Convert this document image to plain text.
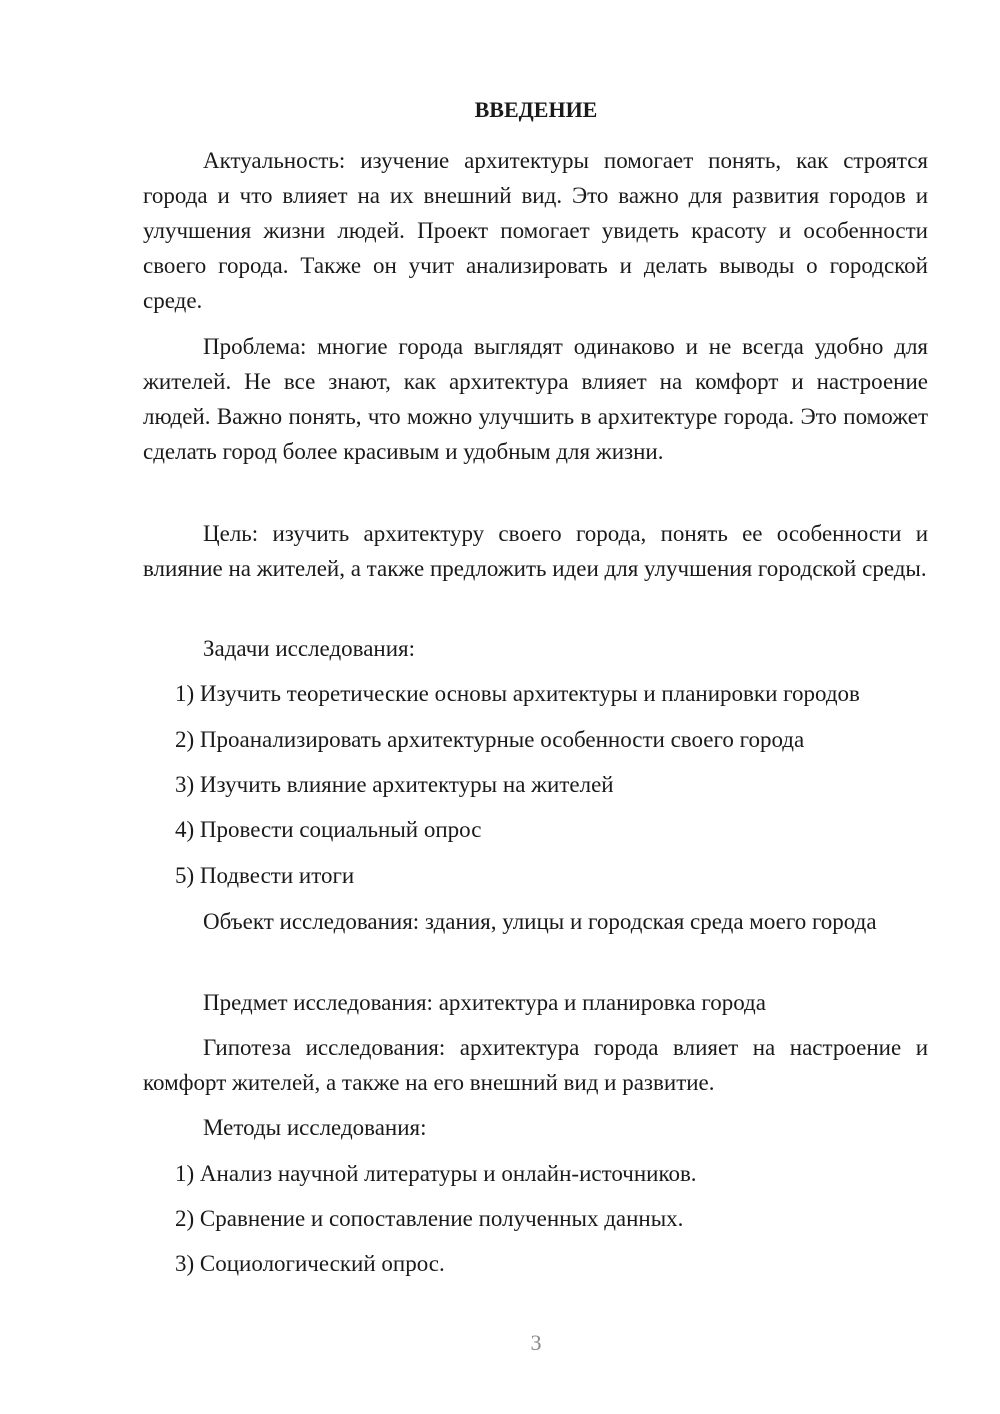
ВВЕДЕНИЕ
Актуальность: изучение архитектуры помогает понять, как строятся города и что влияет на их внешний вид. Это важно для развития городов и улучшения жизни людей. Проект помогает увидеть красоту и особенности своего города. Также он учит анализировать и делать выводы о городской среде.
Проблема: многие города выглядят одинаково и не всегда удобно для жителей. Не все знают, как архитектура влияет на комфорт и настроение людей. Важно понять, что можно улучшить в архитектуре города. Это поможет сделать город более красивым и удобным для жизни.
Цель: изучить архитектуру своего города, понять ее особенности и влияние на жителей, а также предложить идеи для улучшения городской среды.
Задачи исследования:
1) Изучить теоретические основы архитектуры и планировки городов
2) Проанализировать архитектурные особенности своего города
3) Изучить влияние архитектуры на жителей
4) Провести социальный опрос
5) Подвести итоги
Объект исследования: здания, улицы и городская среда моего города
Предмет исследования: архитектура и планировка города
Гипотеза исследования: архитектура города влияет на настроение и комфорт жителей, а также на его внешний вид и развитие.
Методы исследования:
1) Анализ научной литературы и онлайн-источников.
2) Сравнение и сопоставление полученных данных.
3) Социологический опрос.
3
